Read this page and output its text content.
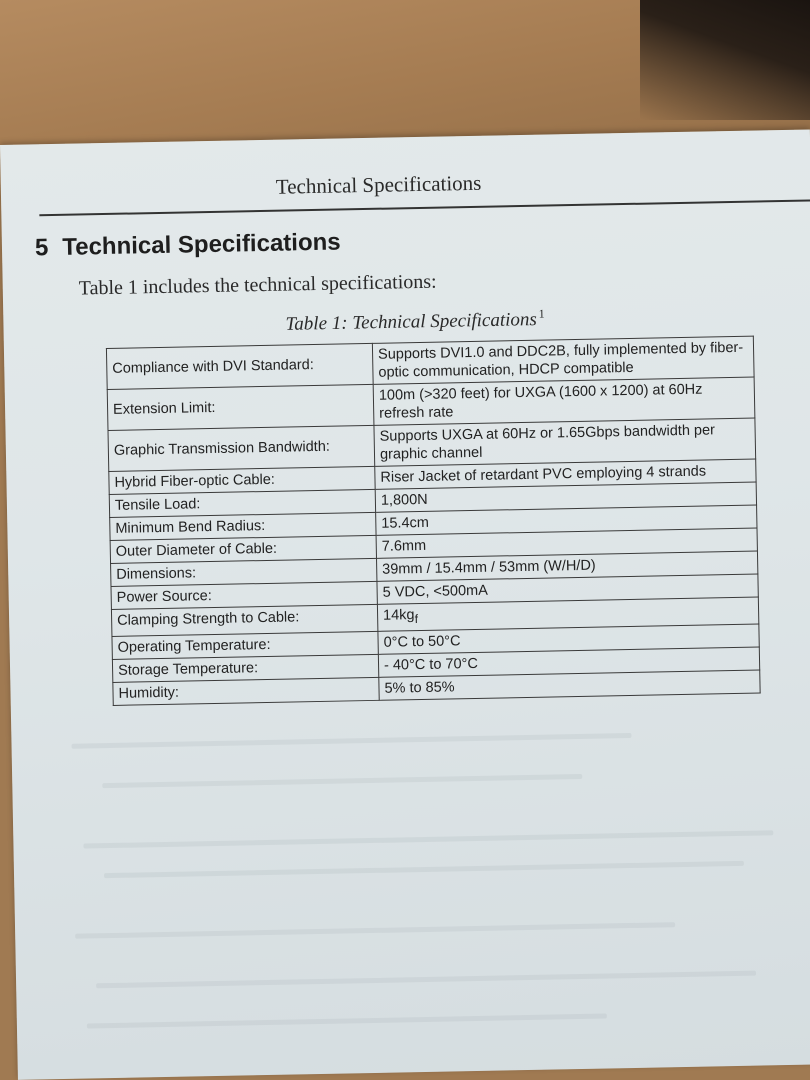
Technical Specifications
5 Technical Specifications
Table 1 includes the technical specifications:
Table 1: Technical Specifications $^1$
Compliance with DVI Standard:	Supports DVI1.0 and DDC2B, fully implemented by fiber-optic communication, HDCP compatible
Extension Limit:	100m (>320 feet) for UXGA (1600 x 1200) at 60Hz refresh rate
Graphic Transmission Bandwidth:	Supports UXGA at 60Hz or 1.65Gbps bandwidth per graphic channel
Hybrid Fiber-optic Cable:	Riser Jacket of retardant PVC employing 4 strands
Tensile Load:	1,800N
Minimum Bend Radius:	15.4cm
Outer Diameter of Cable:	7.6mm
Dimensions:	39mm / 15.4mm / 53mm (W/H/D)
Power Source:	5 VDC, <500mA
Clamping Strength to Cable:	$14kg_f$
Operating Temperature:	0°C to 50°C
Storage Temperature:	- 40°C to 70°C
Humidity:	5% to 85%
